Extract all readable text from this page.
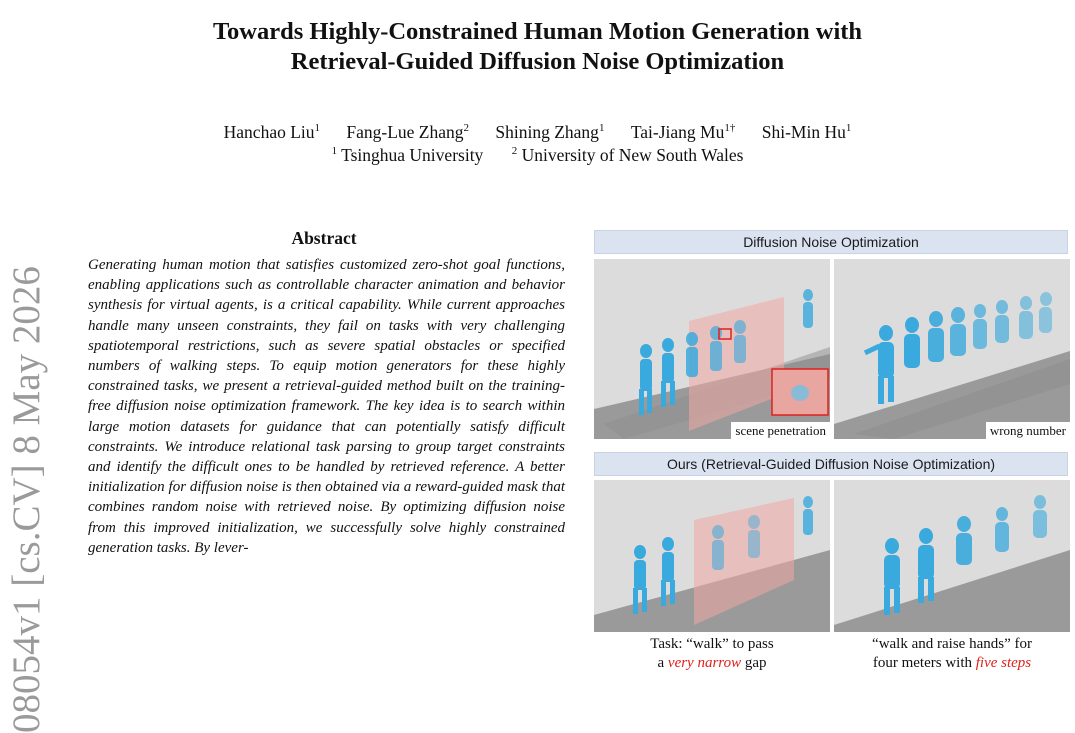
Towards Highly-Constrained Human Motion Generation with
Retrieval-Guided Diffusion Noise Optimization
Hanchao Liu$^1$ Fang-Lue Zhang$^2$ Shining Zhang$^1$ Tai-Jiang $Mu^{1\dagger}$ Shi-Min Hu$^1$
$^1$ Tsinghua University	$^2$ University of New South Wales
08054v1 [cs.CV] 8 May 2026
Abstract
Generating human motion that satisfies customized zero-shot goal functions, enabling applications such as controllable character animation and behavior synthesis for virtual agents, is a critical capability. While current approaches handle many unseen constraints, they fail on tasks with very challenging spatiotemporal restrictions, such as severe spatial obstacles or specified numbers of walking steps. To equip motion generators for these highly constrained tasks, we present a retrieval-guided method built on the training-free diffusion noise optimization framework. The key idea is to search within large motion datasets for guidance that can potentially satisfy difficult constraints. We introduce relational task parsing to group target constraints and identify the difficult ones to be handled by retrieved reference. A better initialization for diffusion noise is then obtained via a reward-guided mask that combines random noise with retrieved noise. By optimizing diffusion noise from this improved initialization, we successfully solve highly constrained generation tasks. By lever-
Diffusion Noise Optimization
scene penetration	wrong number
Ours (Retrieval-Guided Diffusion Noise Optimization)
Task: “walk” to pass
a very narrow gap
“walk and raise hands” for
four meters with five steps
